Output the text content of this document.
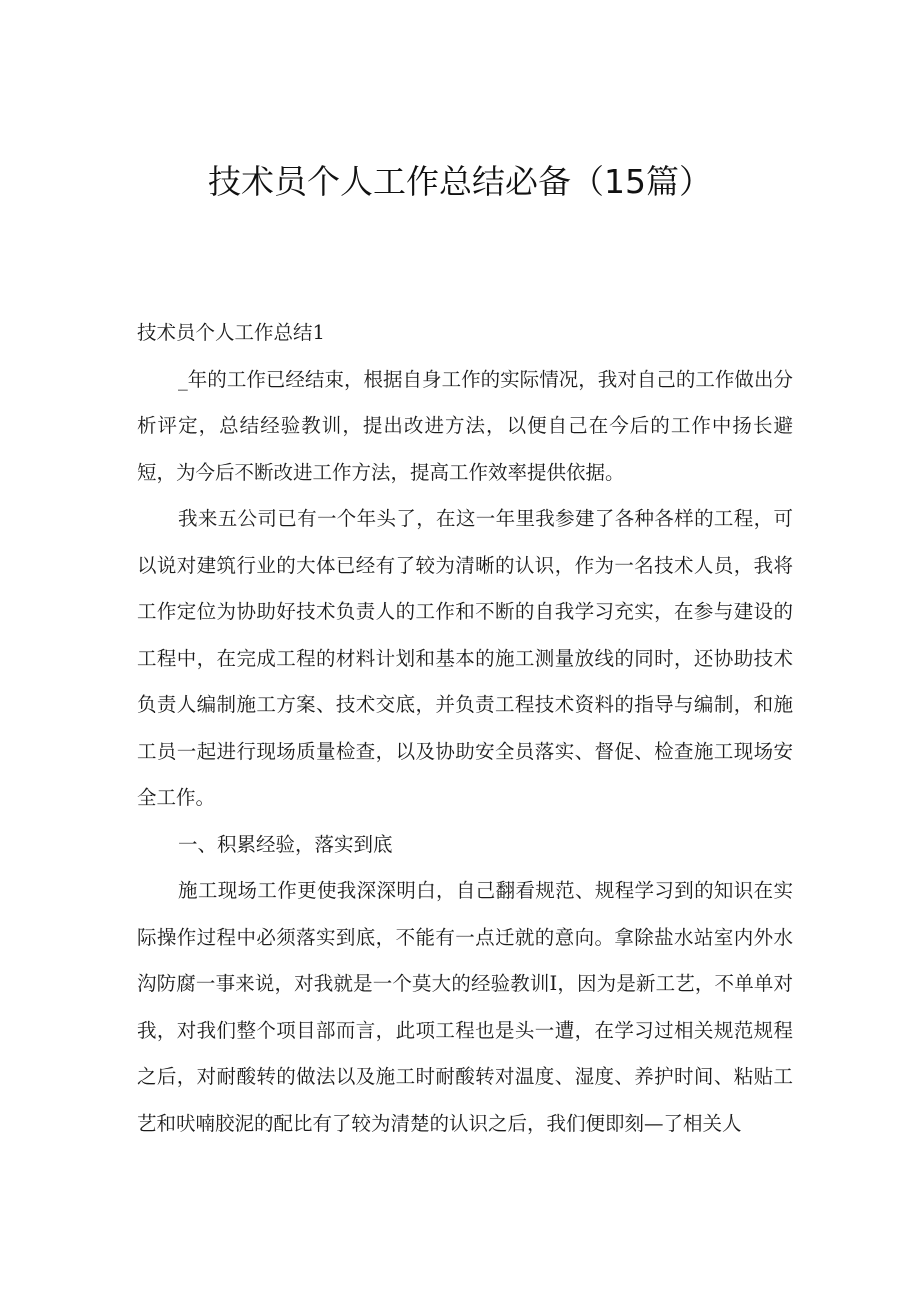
技术员个人工作总结必备（15篇）

技术员个人工作总结1

_年的工作已经结束，根据自身工作的实际情况，我对自己的工作做出分析评定，总结经验教训，提出改进方法，以便自己在今后的工作中扬长避短，为今后不断改进工作方法，提高工作效率提供依据。

我来五公司已有一个年头了，在这一年里我参建了各种各样的工程，可以说对建筑行业的大体已经有了较为清晰的认识，作为一名技术人员，我将工作定位为协助好技术负责人的工作和不断的自我学习充实，在参与建设的工程中，在完成工程的材料计划和基本的施工测量放线的同时，还协助技术负责人编制施工方案、技术交底，并负责工程技术资料的指导与编制，和施工员一起进行现场质量检查，以及协助安全员落实、督促、检查施工现场安全工作。

一、积累经验，落实到底

施工现场工作更使我深深明白，自己翻看规范、规程学习到的知识在实际操作过程中必须落实到底，不能有一点迁就的意向。拿除盐水站室内外水沟防腐一事来说，对我就是一个莫大的经验教训I，因为是新工艺，不单单对我，对我们整个项目部而言，此项工程也是头一遭，在学习过相关规范规程之后，对耐酸转的做法以及施工时耐酸转对温度、湿度、养护时间、粘贴工艺和吠喃胶泥的配比有了较为清楚的认识之后，我们便即刻—了相关人
